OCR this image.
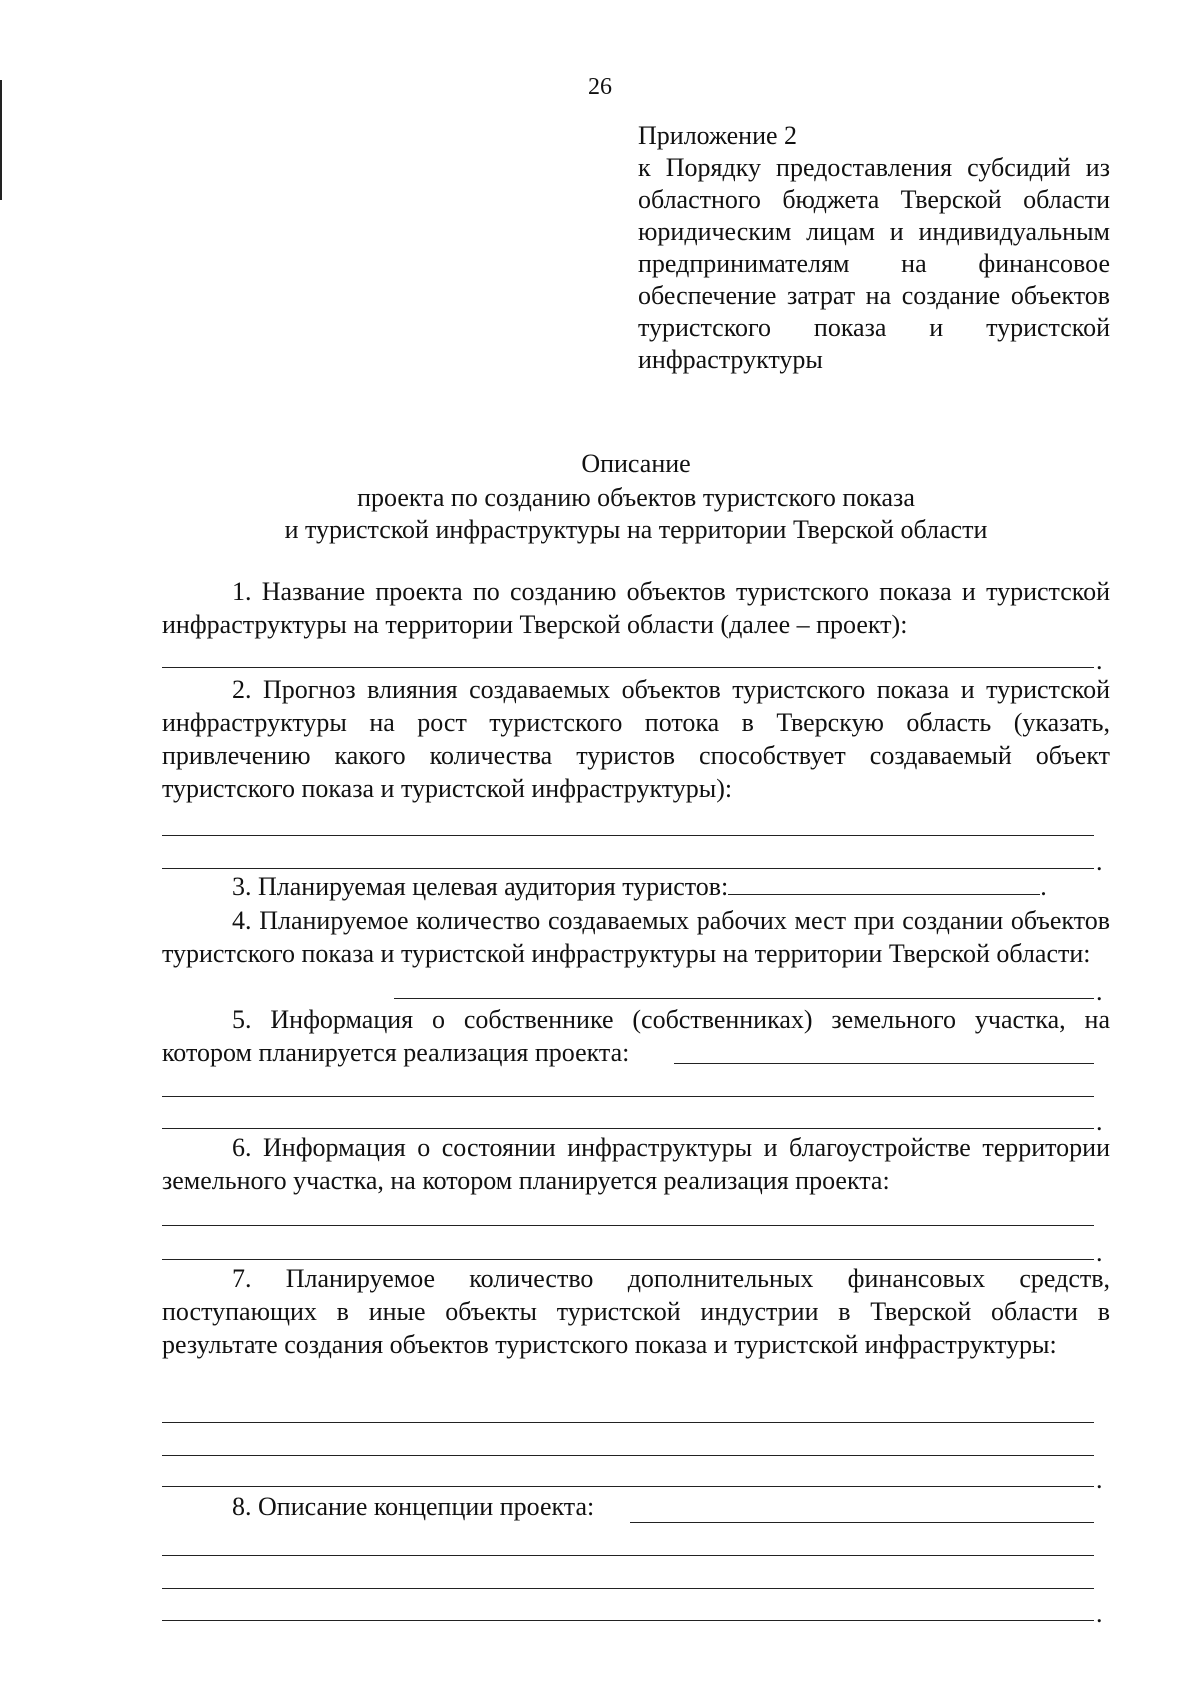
26
Приложение 2
к Порядку предоставления субсидий из областного бюджета Тверской области юридическим лицам и индивидуальным предпринимателям на финансовое обеспечение затрат на создание объектов туристского показа и туристской инфраструктуры
Описание
проекта по созданию объектов туристского показа
и туристской инфраструктуры на территории Тверской области

1. Название проекта по созданию объектов туристского показа и туристской инфраструктуры на территории Тверской области (далее – проект):

.

2. Прогноз влияния создаваемых объектов туристского показа и туристской инфраструктуры на рост туристского потока в Тверскую область (указать, привлечению какого количества туристов способствует создаваемый объект туристского показа и туристской инфраструктуры):

.

3. Планируемая целевая аудитория туристов:	.

4. Планируемое количество создаваемых рабочих мест при создании объектов туристского показа и туристской инфраструктуры на территории Тверской области:

.

5. Информация о собственнике (собственниках) земельного участка, на котором планируется реализация проекта:

.

6. Информация о состоянии инфраструктуры и благоустройстве территории земельного участка, на котором планируется реализация проекта:

.

7. Планируемое количество дополнительных финансовых средств, поступающих в иные объекты туристской индустрии в Тверской области в результате создания объектов туристского показа и туристской инфраструктуры:

.

8. Описание концепции проекта:

.
